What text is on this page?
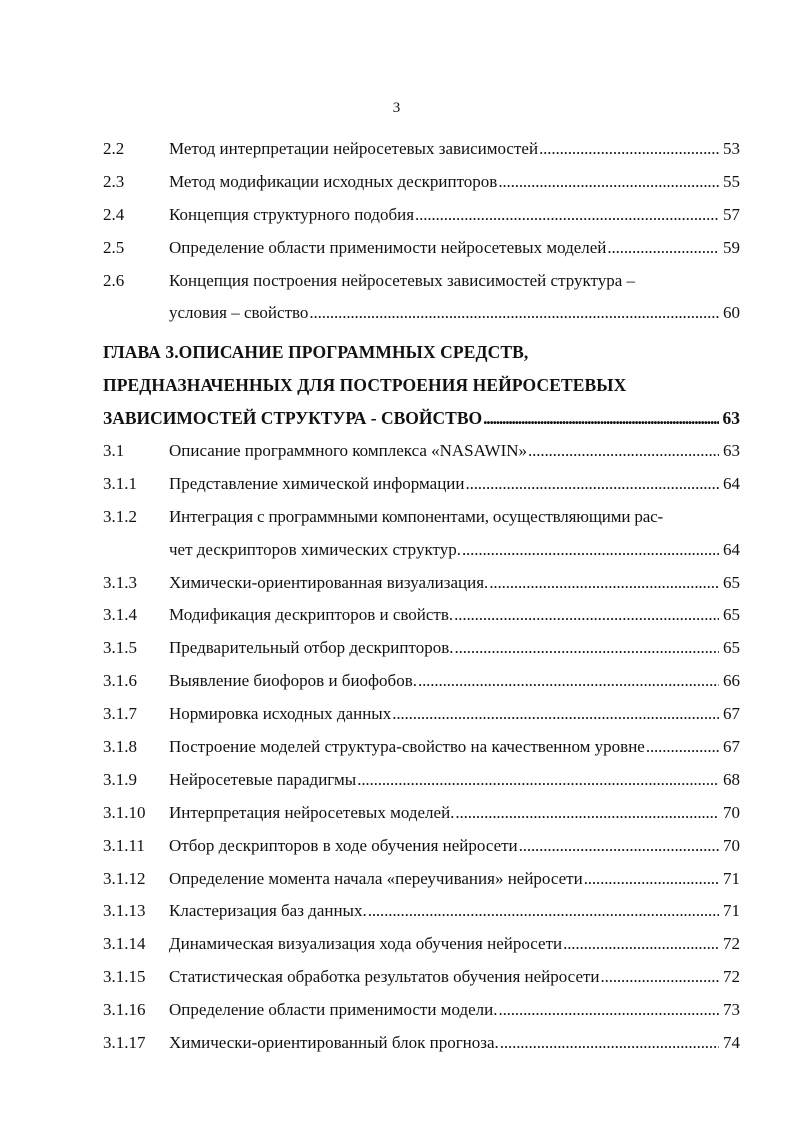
3
2.2	Метод интерпретации нейросетевых зависимостей . . .	53
2.3	Метод модификации исходных дескрипторов . . .	55
2.4	Концепция структурного подобия . . .	57
2.5	Определение области применимости нейросетевых моделей . . .	59
2.6	Концепция построения нейросетевых зависимостей структура –
условия – свойство . . .	60
ГЛАВА 3.ОПИСАНИЕ ПРОГРАММНЫХ СРЕДСТВ,
ПРЕДНАЗНАЧЕННЫХ ДЛЯ ПОСТРОЕНИЯ НЕЙРОСЕТЕВЫХ
ЗАВИСИМОСТЕЙ СТРУКТУРА - СВОЙСТВО . . .	63
3.1	Описание программного комплекса «NASAWIN» . . .	63
3.1.1	Представление химической информации . . .	64
3.1.2	Интеграция с программными компонентами, осуществляющими рас-
чет дескрипторов химических структур. . . .	64
3.1.3	Химически-ориентированная визуализация. . . .	65
3.1.4	Модификация дескрипторов и свойств. . . .	65
3.1.5	Предварительный отбор дескрипторов. . . .	65
3.1.6	Выявление биофоров и биофобов. . . .	66
3.1.7	Нормировка исходных данных . . .	67
3.1.8	Построение моделей структура-свойство на качественном уровне . . .	67
3.1.9	Нейросетевые парадигмы . . .	68
3.1.10	Интерпретация нейросетевых моделей. . . .	70
3.1.11	Отбор дескрипторов в ходе обучения нейросети . . .	70
3.1.12	Определение момента начала «переучивания» нейросети . . .	71
3.1.13	Кластеризация баз данных. . . .	71
3.1.14	Динамическая визуализация хода обучения нейросети . . .	72
3.1.15	Статистическая обработка результатов обучения нейросети . . .	72
3.1.16	Определение области применимости модели. . . .	73
3.1.17	Химически-ориентированный блок прогноза. . . .	74
